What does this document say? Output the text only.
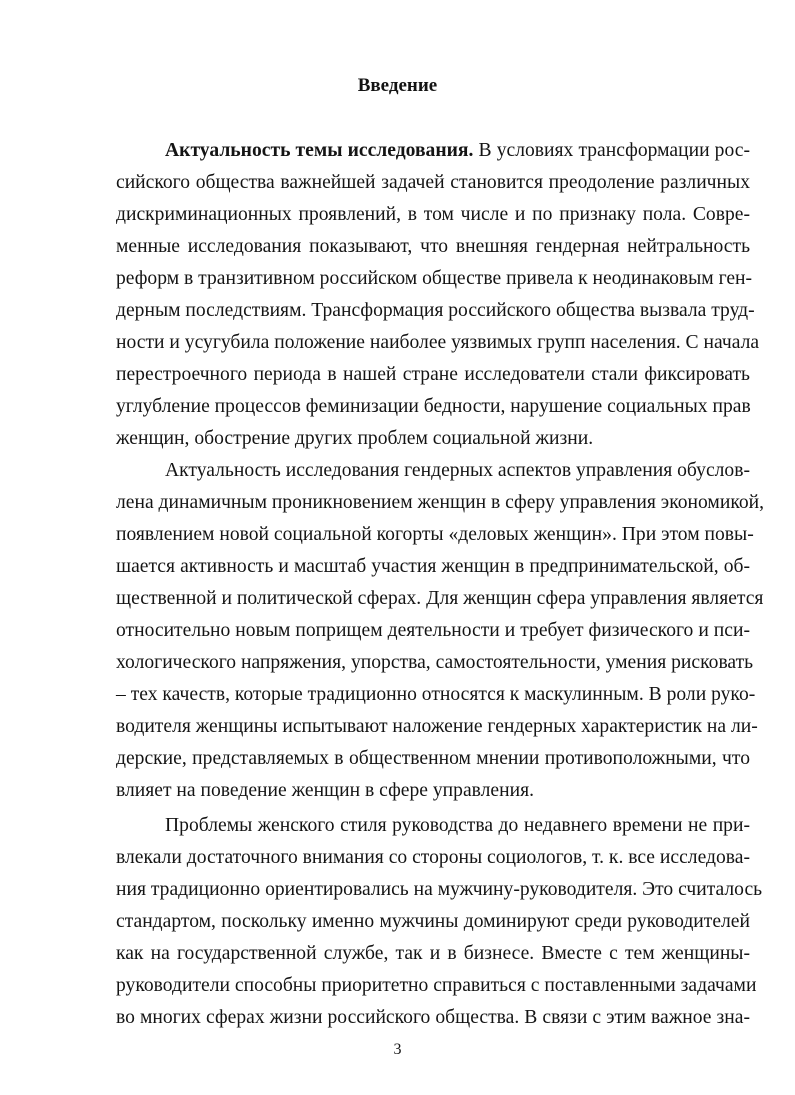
Введение
Актуальность темы исследования. В условиях трансформации рос-
сийского общества важнейшей задачей становится преодоление различных
дискриминационных проявлений, в том числе и по признаку пола. Совре-
менные исследования показывают, что внешняя гендерная нейтральность
реформ в транзитивном российском обществе привела к неодинаковым ген-
дерным последствиям. Трансформация российского общества вызвала труд-
ности и усугубила положение наиболее уязвимых групп населения. С начала
перестроечного периода в нашей стране исследователи стали фиксировать
углубление процессов феминизации бедности, нарушение социальных прав
женщин, обострение других проблем социальной жизни.
Актуальность исследования гендерных аспектов управления обуслов-
лена динамичным проникновением женщин в сферу управления экономикой,
появлением новой социальной когорты «деловых женщин». При этом повы-
шается активность и масштаб участия женщин в предпринимательской, об-
щественной и политической сферах. Для женщин сфера управления является
относительно новым поприщем деятельности и требует физического и пси-
хологического напряжения, упорства, самостоятельности, умения рисковать
– тех качеств, которые традиционно относятся к маскулинным. В роли руко-
водителя женщины испытывают наложение гендерных характеристик на ли-
дерские, представляемых в общественном мнении противоположными, что
влияет на поведение женщин в сфере управления.
Проблемы женского стиля руководства до недавнего времени не при-
влекали достаточного внимания со стороны социологов, т. к. все исследова-
ния традиционно ориентировались на мужчину-руководителя. Это считалось
стандартом, поскольку именно мужчины доминируют среди руководителей
как на государственной службе, так и в бизнесе. Вместе с тем женщины-
руководители способны приоритетно справиться с поставленными задачами
во многих сферах жизни российского общества. В связи с этим важное зна-
3
